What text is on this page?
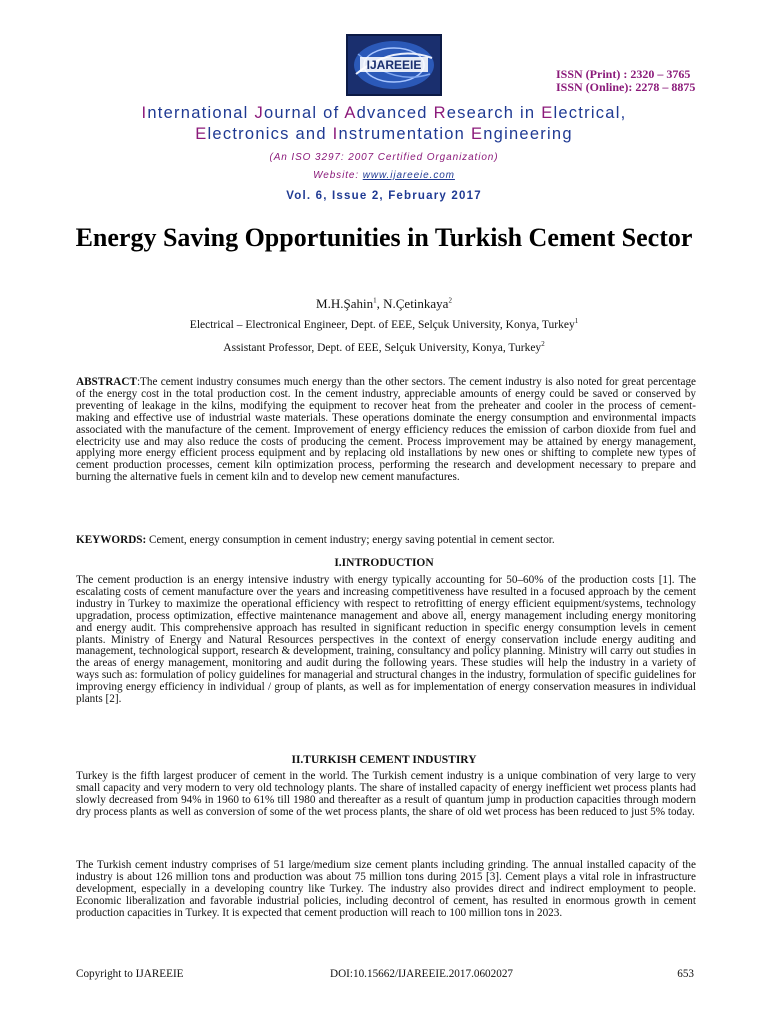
IJAREEIE
ISSN (Print) : 2320 – 3765
ISSN (Online): 2278 – 8875
International Journal of Advanced Research in Electrical,
Electronics and Instrumentation Engineering
(An ISO 3297: 2007 Certified Organization)
Website: www.ijareeie.com
Vol. 6, Issue 2, February 2017
Energy Saving Opportunities in Turkish Cement Sector
M.H.Şahin$^1$, N.Çetinkaya$^2$
Electrical – Electronical Engineer, Dept. of EEE, Selçuk University, Konya, Turkey$^1$
Assistant Professor, Dept. of EEE, Selçuk University, Konya, Turkey$^2$
ABSTRACT:The cement industry consumes much energy than the other sectors. The cement industry is also noted for great percentage of the energy cost in the total production cost. In the cement industry, appreciable amounts of energy could be saved or conserved by preventing of leakage in the kilns, modifying the equipment to recover heat from the preheater and cooler in the process of cement-making and effective use of industrial waste materials. These operations dominate the energy consumption and environmental impacts associated with the manufacture of the cement. Improvement of energy efficiency reduces the emission of carbon dioxide from fuel and electricity use and may also reduce the costs of producing the cement. Process improvement may be attained by energy management, applying more energy efficient process equipment and by replacing old installations by new ones or shifting to complete new types of cement production processes, cement kiln optimization process, performing the research and development necessary to prepare and burning the alternative fuels in cement kiln and to develop new cement manufactures.
KEYWORDS: Cement, energy consumption in cement industry; energy saving potential in cement sector.
I.INTRODUCTION
The cement production is an energy intensive industry with energy typically accounting for 50–60% of the production costs [1]. The escalating costs of cement manufacture over the years and increasing competitiveness have resulted in a focused approach by the cement industry in Turkey to maximize the operational efficiency with respect to retrofitting of energy efficient equipment/systems, technology upgradation, process optimization, effective maintenance management and above all, energy management including energy monitoring and energy audit. This comprehensive approach has resulted in significant reduction in specific energy consumption levels in cement plants. Ministry of Energy and Natural Resources perspectives in the context of energy conservation include energy auditing and management, technological support, research & development, training, consultancy and policy planning. Ministry will carry out studies in the areas of energy management, monitoring and audit during the following years. These studies will help the industry in a variety of ways such as: formulation of policy guidelines for managerial and structural changes in the industry, formulation of specific guidelines for improving energy efficiency in individual / group of plants, as well as for implementation of energy conservation measures in individual plants [2].
II.TURKISH CEMENT INDUSTIRY
Turkey is the fifth largest producer of cement in the world. The Turkish cement industry is a unique combination of very large to very small capacity and very modern to very old technology plants. The share of installed capacity of energy inefficient wet process plants had slowly decreased from 94% in 1960 to 61% till 1980 and thereafter as a result of quantum jump in production capacities through modern dry process plants as well as conversion of some of the wet process plants, the share of old wet process has been reduced to just 5% today.
The Turkish cement industry comprises of 51 large/medium size cement plants including grinding. The annual installed capacity of the industry is about 126 million tons and production was about 75 million tons during 2015 [3]. Cement plays a vital role in infrastructure development, especially in a developing country like Turkey. The industry also provides direct and indirect employment to people. Economic liberalization and favorable industrial policies, including decontrol of cement, has resulted in enormous growth in cement production capacities in Turkey. It is expected that cement production will reach to 100 million tons in 2023.
Copyright to IJAREEIE	DOI:10.15662/IJAREEIE.2017.0602027	653
